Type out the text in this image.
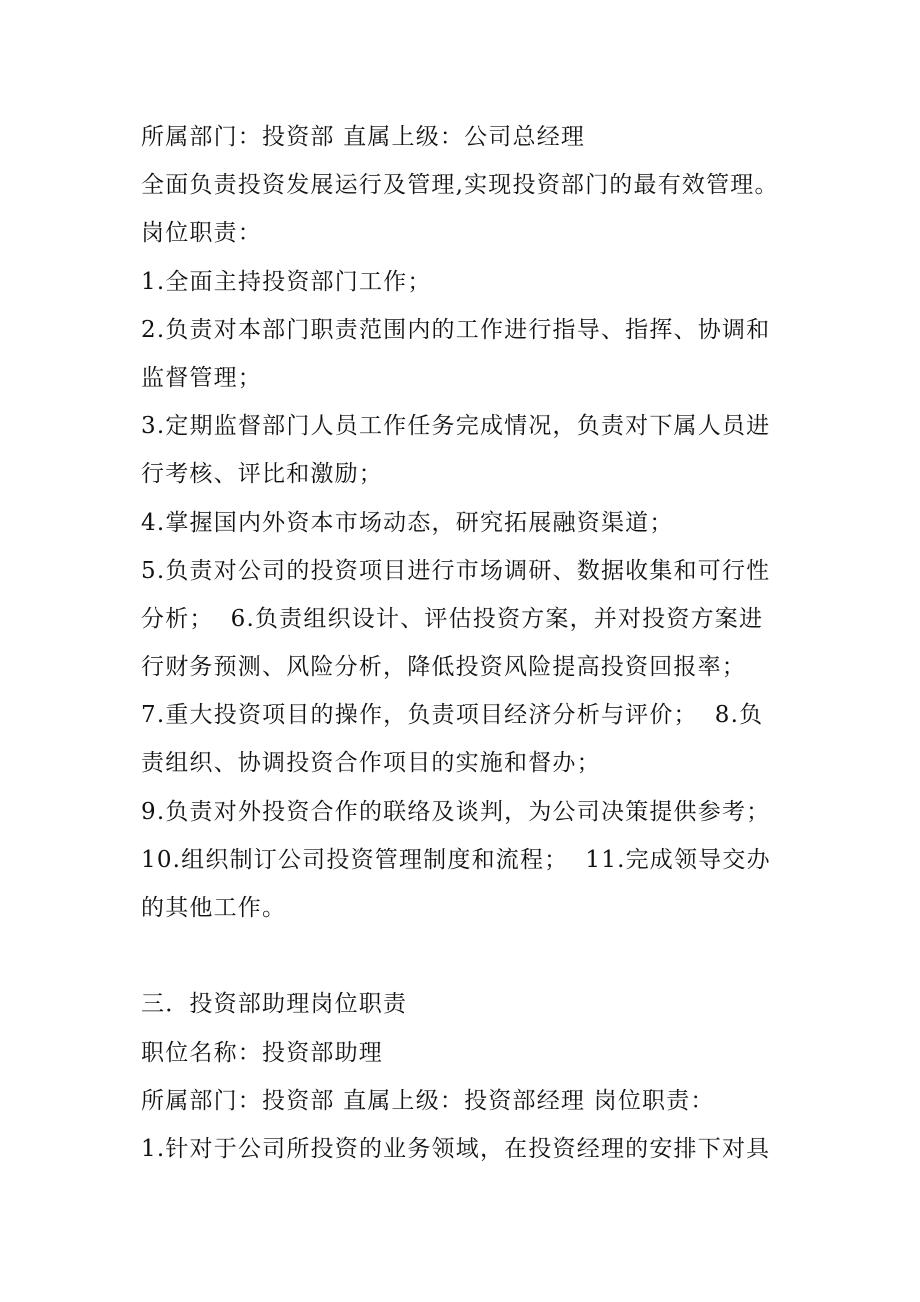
所属部门：投资部 直属上级：公司总经理
全面负责投资发展运行及管理,实现投资部门的最有效管理。
岗位职责：
1.全面主持投资部门工作；
2.负责对本部门职责范围内的工作进行指导、指挥、协调和
监督管理；
3.定期监督部门人员工作任务完成情况，负责对下属人员进
行考核、评比和激励；
4.掌握国内外资本市场动态，研究拓展融资渠道；
5.负责对公司的投资项目进行市场调研、数据收集和可行性
分析；  6.负责组织设计、评估投资方案，并对投资方案进
行财务预测、风险分析，降低投资风险提高投资回报率；
7.重大投资项目的操作，负责项目经济分析与评价；  8.负
责组织、协调投资合作项目的实施和督办；
9.负责对外投资合作的联络及谈判，为公司决策提供参考；
10.组织制订公司投资管理制度和流程；  11.完成领导交办
的其他工作。
三．投资部助理岗位职责
职位名称：投资部助理
所属部门：投资部 直属上级：投资部经理 岗位职责：
1.针对于公司所投资的业务领域，在投资经理的安排下对具
